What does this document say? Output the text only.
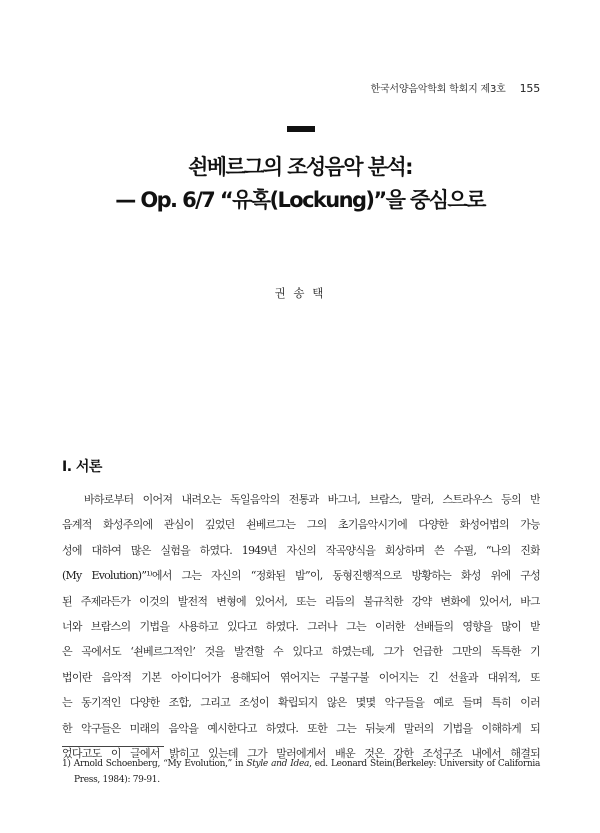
한국서양음악학회 학회지 제3호 155
쇤베르그의 조성음악 분석:
— Op. 6/7 “유혹(Lockung)”을 중심으로
권 송 택
I. 서론
바하로부터 이어져 내려오는 독일음악의 전통과 바그너, 브람스, 말러, 스트라우스 등의 반
음계적 화성주의에 관심이 깊었던 쇤베르그는 그의 초기음악시기에 다양한 화성어법의 가능
성에 대하여 많은 실험을 하였다. 1949년 자신의 작곡양식을 회상하며 쓴 수필, “나의 진화
(My Evolution)”¹⁾에서 그는 자신의 “정화된 밤”이, 동형진행적으로 방황하는 화성 위에 구성
된 주제라든가 이것의 발전적 변형에 있어서, 또는 리듬의 불규칙한 강약 변화에 있어서, 바그
너와 브람스의 기법을 사용하고 있다고 하였다. 그러나 그는 이러한 선배들의 영향을 많이 받
은 곡에서도 ‘쇤베르그적인’ 것을 발견할 수 있다고 하였는데, 그가 언급한 그만의 독특한 기
법이란 음악적 기본 아이디어가 용해되어 엮어지는 구불구불 이어지는 긴 선율과 대위적, 또
는 동기적인 다양한 조합, 그리고 조성이 확립되지 않은 몇몇 악구들을 예로 들며 특히 이러
한 악구들은 미래의 음악을 예시한다고 하였다. 또한 그는 뒤늦게 말러의 기법을 이해하게 되
었다고도 이 글에서 밝히고 있는데 그가 말러에게서 배운 것은 강한 조성구조 내에서 해결되
1) Arnold Schoenberg, “My Evolution,” in Style and Idea, ed. Leonard Stein(Berkeley: University of California
Press, 1984): 79-91.
